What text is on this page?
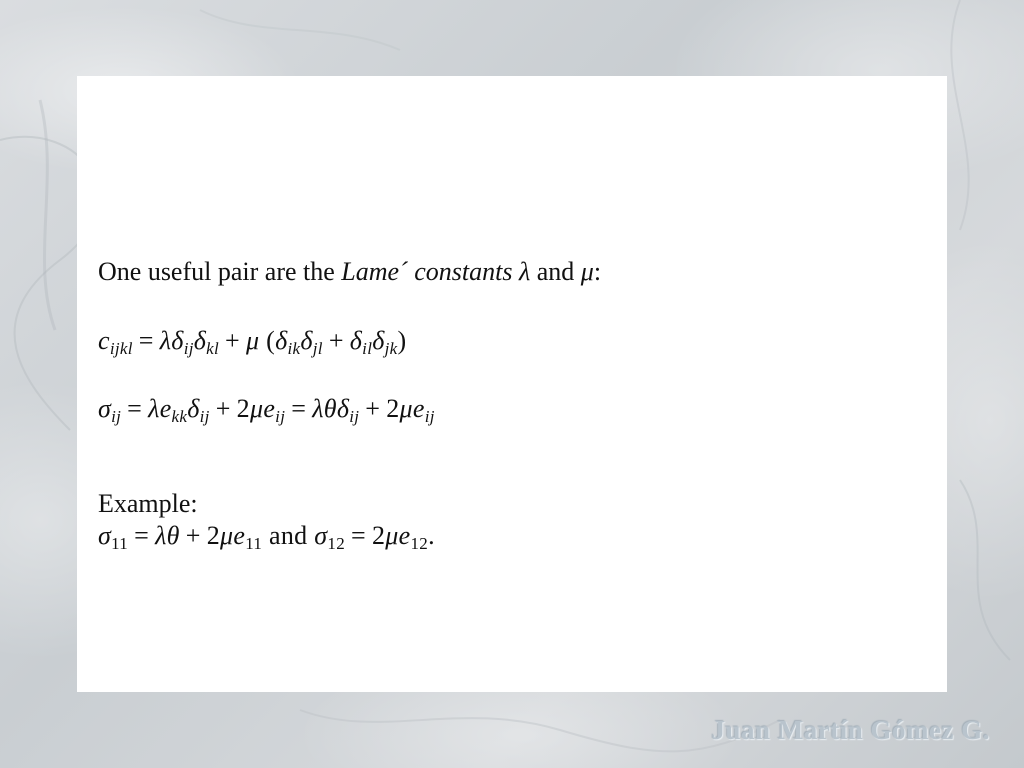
One useful pair are the Lame´ constants λ and μ:
$c_{ijkl} = \lambda\delta_{ij}\delta_{kl} + \mu$ $(\delta_{ik}\delta_{jl} + \delta_{il}\delta_{jk})$
$\sigma_{ij} = \lambda e_{kk}\delta_{ij} + 2\mu e_{ij} = \lambda\theta\delta_{ij} + 2\mu e_{ij}$
Example:
$\sigma_{11} = \lambda\theta + 2\mu e_{11}$ and $\sigma_{12} = 2\mu e_{12}$.
Juan Martín Gómez G.
